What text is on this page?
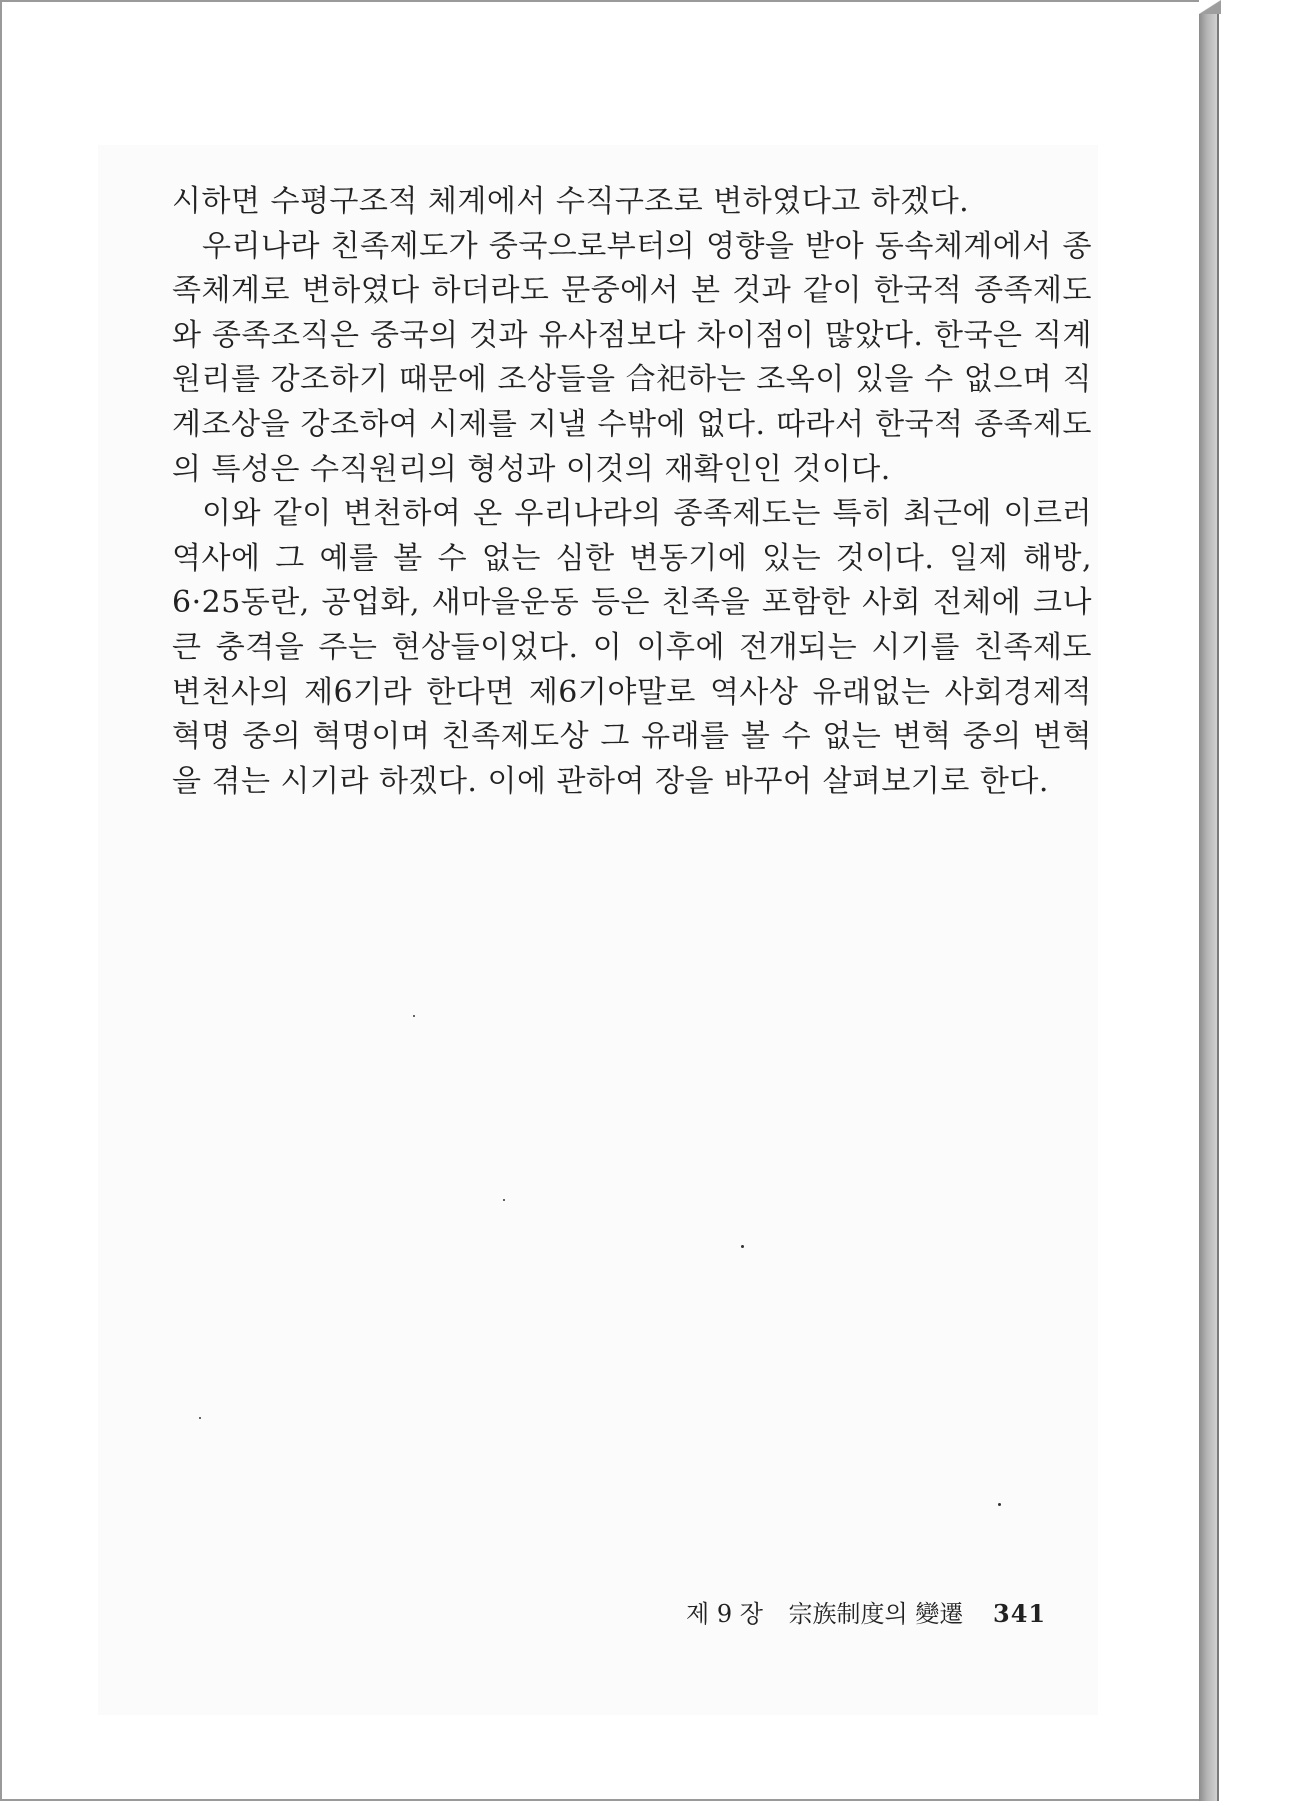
시하면 수평구조적 체계에서 수직구조로 변하였다고 하겠다.

우리나라 친족제도가 중국으로부터의 영향을 받아 동속체계에서 종족체계로 변하였다 하더라도 문중에서 본 것과 같이 한국적 종족제도와 종족조직은 중국의 것과 유사점보다 차이점이 많았다. 한국은 직계원리를 강조하기 때문에 조상들을 合祀하는 조옥이 있을 수 없으며 직계조상을 강조하여 시제를 지낼 수밖에 없다. 따라서 한국적 종족제도의 특성은 수직원리의 형성과 이것의 재확인인 것이다.

이와 같이 변천하여 온 우리나라의 종족제도는 특히 최근에 이르러 역사에 그 예를 볼 수 없는 심한 변동기에 있는 것이다. 일제 해방, 6·25동란, 공업화, 새마을운동 등은 친족을 포함한 사회 전체에 크나큰 충격을 주는 현상들이었다. 이 이후에 전개되는 시기를 친족제도 변천사의 제6기라 한다면 제6기야말로 역사상 유래없는 사회경제적 혁명 중의 혁명이며 친족제도상 그 유래를 볼 수 없는 변혁 중의 변혁을 겪는 시기라 하겠다. 이에 관하여 장을 바꾸어 살펴보기로 한다.

제 9 장 宗族制度의 變遷 341
